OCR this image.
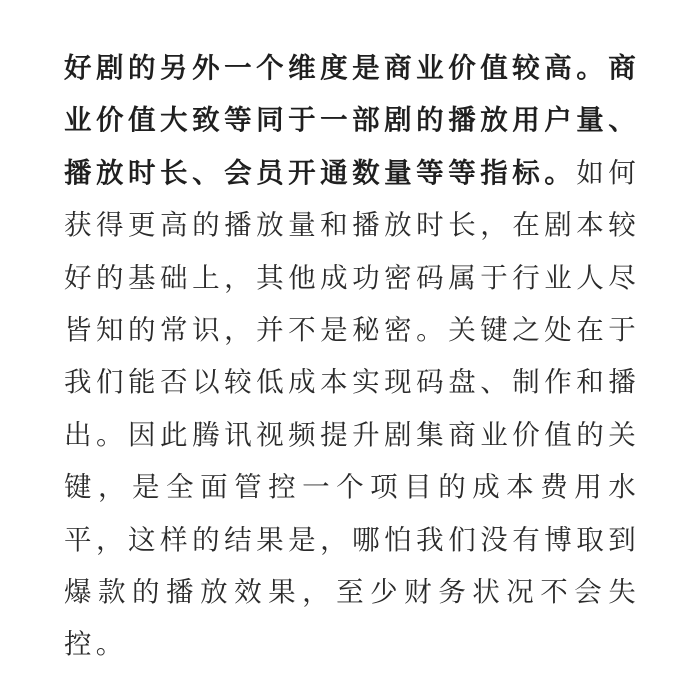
好剧的另外一个维度是商业价值较高。商业价值大致等同于一部剧的播放用户量、播放时长、会员开通数量等等指标。如何获得更高的播放量和播放时长，在剧本较好的基础上，其他成功密码属于行业人尽皆知的常识，并不是秘密。关键之处在于我们能否以较低成本实现码盘、制作和播出。因此腾讯视频提升剧集商业价值的关键，是全面管控一个项目的成本费用水平，这样的结果是，哪怕我们没有博取到爆款的播放效果，至少财务状况不会失控。
